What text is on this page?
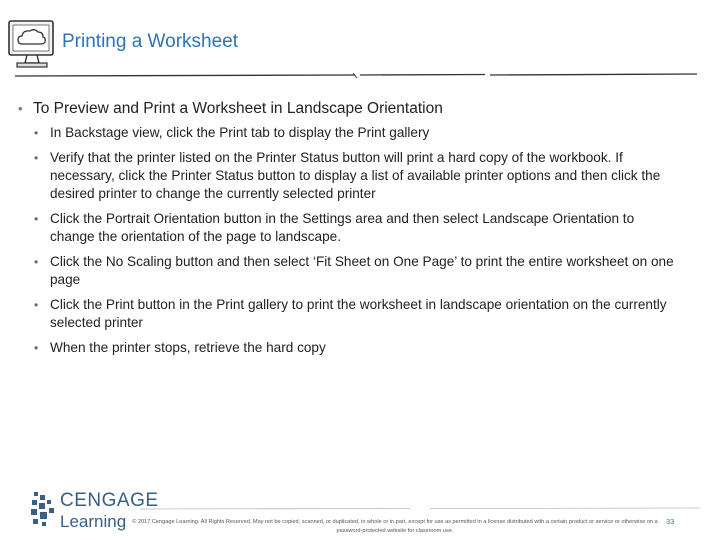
Printing a Worksheet
• To Preview and Print a Worksheet in Landscape Orientation
• In Backstage view, click the Print tab to display the Print gallery
• Verify that the printer listed on the Printer Status button will print a hard copy of the workbook. If necessary, click the Printer Status button to display a list of available printer options and then click the desired printer to change the currently selected printer
• Click the Portrait Orientation button in the Settings area and then select Landscape Orientation to change the orientation of the page to landscape.
• Click the No Scaling button and then select ‘Fit Sheet on One Page’ to print the entire worksheet on one page
• Click the Print button in the Print gallery to print the worksheet in landscape orientation on the currently selected printer
• When the printer stops, retrieve the hard copy
CENGAGE
Learning	© 2017 Cengage Learning. All Rights Reserved. May not be copied, scanned, or duplicated, in whole or in part, except for use as permitted in a license distributed with a certain product or service or otherwise on a password-protected website for classroom use.
33
